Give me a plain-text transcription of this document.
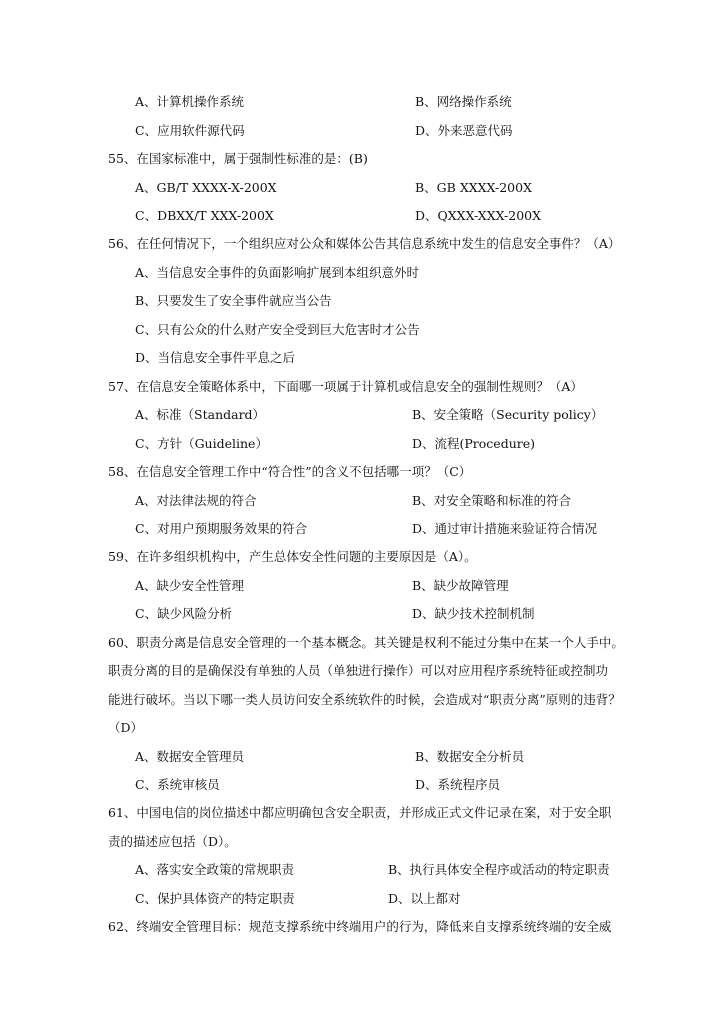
A、计算机操作系统	B、网络操作系统
C、应用软件源代码	D、外来恶意代码
55、在国家标准中，属于强制性标准的是：(B)
A、GB/T XXXX-X-200X	B、GB XXXX-200X
C、DBXX/T XXX-200X	D、QXXX-XXX-200X
56、在任何情况下，一个组织应对公众和媒体公告其信息系统中发生的信息安全事件？（A）
A、当信息安全事件的负面影响扩展到本组织意外时
B、只要发生了安全事件就应当公告
C、只有公众的什么财产安全受到巨大危害时才公告
D、当信息安全事件平息之后
57、在信息安全策略体系中，下面哪一项属于计算机或信息安全的强制性规则？（A）
A、标准（Standard）	B、安全策略（Security policy）
C、方针（Guideline）	D、流程(Procedure)
58、在信息安全管理工作中“符合性”的含义不包括哪一项？（C）
A、对法律法规的符合	B、对安全策略和标准的符合
C、对用户预期服务效果的符合	D、通过审计措施来验证符合情况
59、在许多组织机构中，产生总体安全性问题的主要原因是（A）。
A、缺少安全性管理	B、缺少故障管理
C、缺少风险分析	D、缺少技术控制机制
60、职责分离是信息安全管理的一个基本概念。其关键是权利不能过分集中在某一个人手中。
职责分离的目的是确保没有单独的人员（单独进行操作）可以对应用程序系统特征或控制功
能进行破坏。当以下哪一类人员访问安全系统软件的时候，会造成对“职责分离”原则的违背？
（D）
A、数据安全管理员	B、数据安全分析员
C、系统审核员	D、系统程序员
61、中国电信的岗位描述中都应明确包含安全职责，并形成正式文件记录在案，对于安全职
责的描述应包括（D）。
A、落实安全政策的常规职责	B、执行具体安全程序或活动的特定职责
C、保护具体资产的特定职责	D、以上都对
62、终端安全管理目标：规范支撑系统中终端用户的行为，降低来自支撑系统终端的安全威
